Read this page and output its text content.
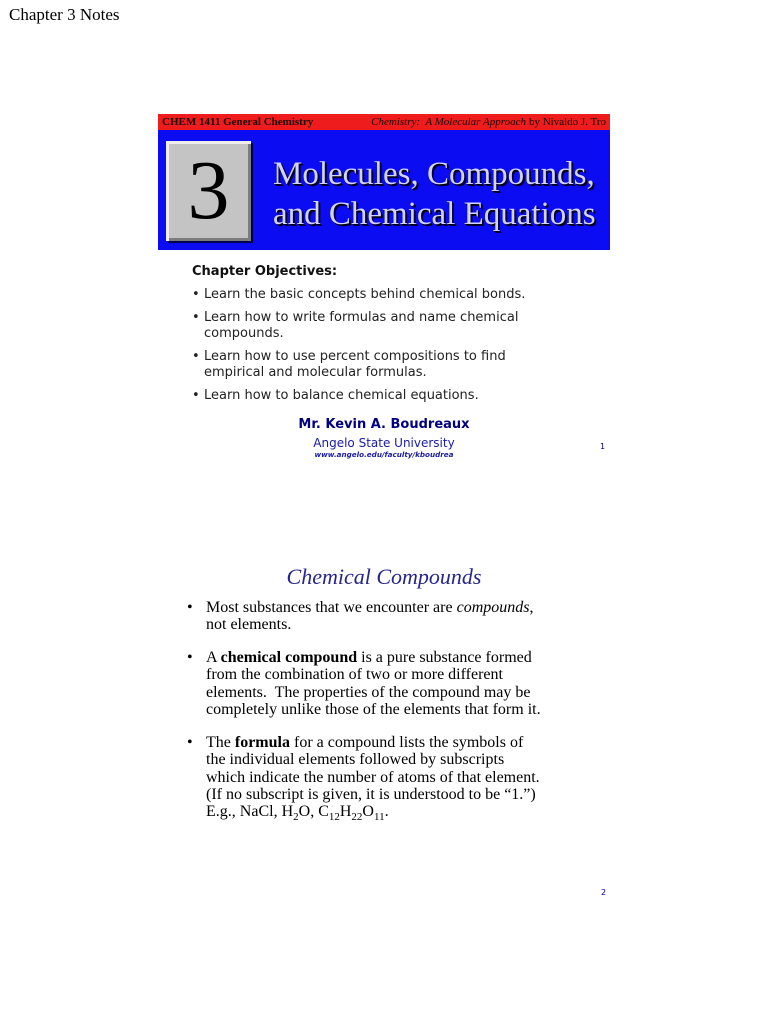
Chapter 3 Notes
CHEM 1411 General Chemistry	Chemistry:  A Molecular Approach by Nivaldo J. Tro
3	Molecules, Compounds,
and Chemical Equations
Chapter Objectives:
• Learn the basic concepts behind chemical bonds.
• Learn how to write formulas and name chemical
compounds.
• Learn how to use percent compositions to find
empirical and molecular formulas.
• Learn how to balance chemical equations.
Mr. Kevin A. Boudreaux
Angelo State University
www.angelo.edu/faculty/kboudrea
1
Chemical Compounds
• Most substances that we encounter are compounds,
not elements.
• A chemical compound is a pure substance formed
from the combination of two or more different
elements.  The properties of the compound may be
completely unlike those of the elements that form it.
• The formula for a compound lists the symbols of
the individual elements followed by subscripts
which indicate the number of atoms of that element.
(If no subscript is given, it is understood to be “1.”)
E.g., NaCl, $H_2O$, $C_{12}H_{22}O_{11}$.
2
